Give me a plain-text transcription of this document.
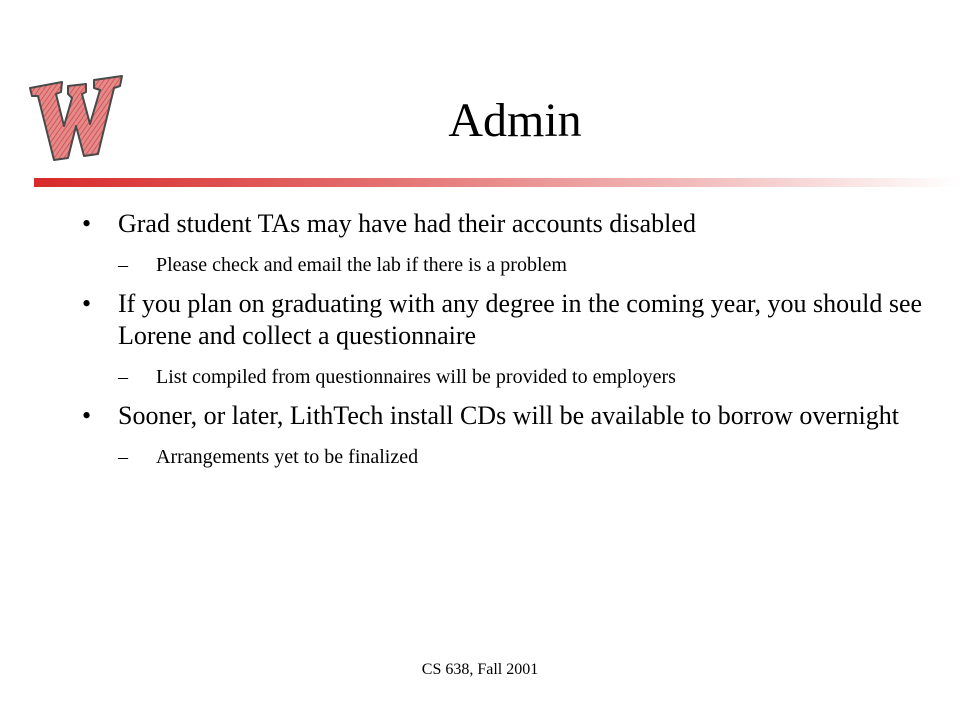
Admin
• Grad student TAs may have had their accounts disabled
– Please check and email the lab if there is a problem
• If you plan on graduating with any degree in the coming year, you should see Lorene and collect a questionnaire
– List compiled from questionnaires will be provided to employers
• Sooner, or later, LithTech install CDs will be available to borrow overnight
– Arrangements yet to be finalized
CS 638, Fall 2001
